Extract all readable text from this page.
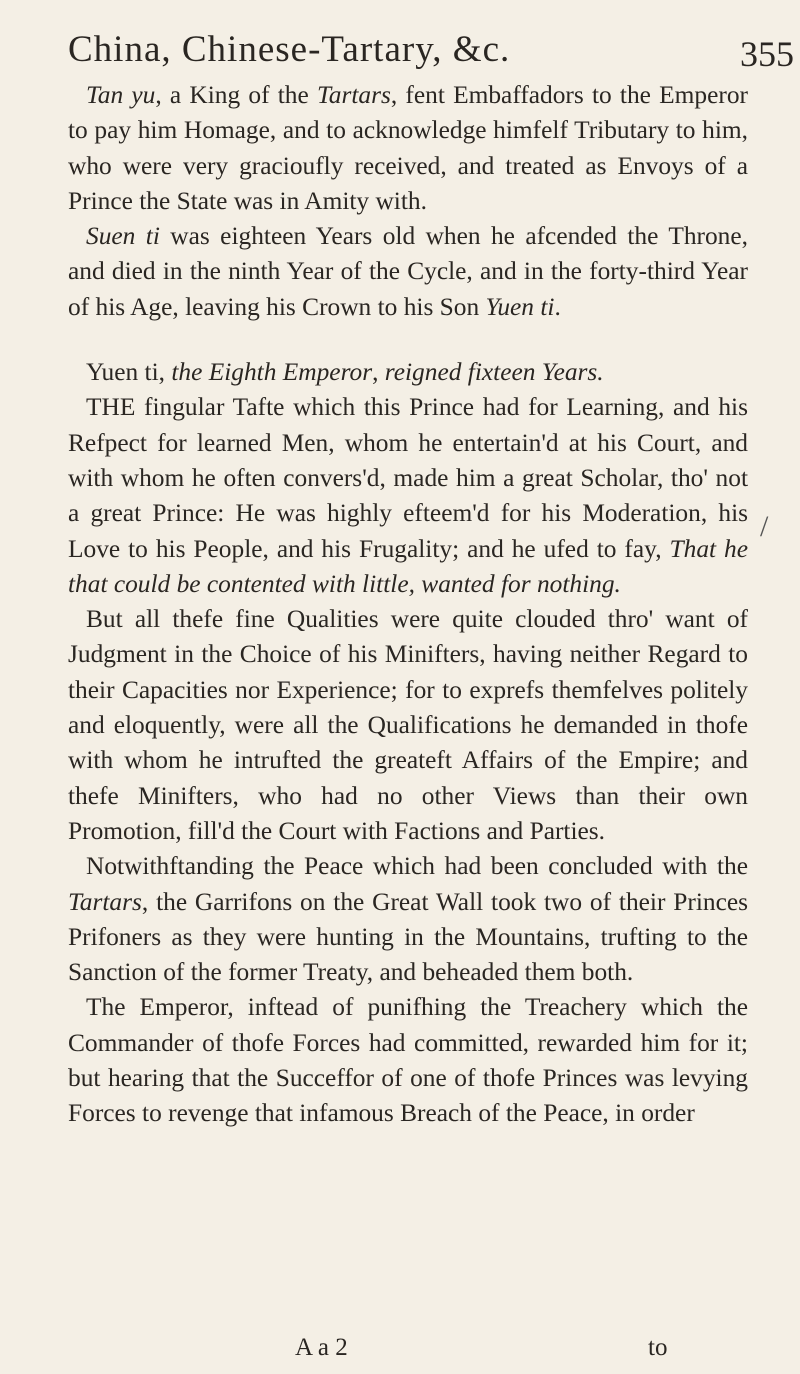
China, Chinese-Tartary, &c.	355

Tan yu, a King of the Tartars, fent Embaffadors to the Emperor to pay him Homage, and to acknowledge himfelf Tributary to him, who were very gracioufly received, and treated as Envoys of a Prince the State was in Amity with.

Suen ti was eighteen Years old when he afcended the Throne, and died in the ninth Year of the Cycle, and in the forty-third Year of his Age, leaving his Crown to his Son Yuen ti.

Yuen ti, the Eighth Emperor, reigned fixteen Years.

THE fingular Tafte which this Prince had for Learning, and his Refpect for learned Men, whom he entertain'd at his Court, and with whom he often convers'd, made him a great Scholar, tho' not a great Prince: He was highly efteem'd for his Moderation, his Love to his People, and his Frugality; and he ufed to fay, That he that could be contented with little, wanted for nothing.

But all thefe fine Qualities were quite clouded thro' want of Judgment in the Choice of his Minifters, having neither Regard to their Capacities nor Experience; for to exprefs themfelves politely and eloquently, were all the Qualifications he demanded in thofe with whom he intrufted the greateft Affairs of the Empire; and thefe Minifters, who had no other Views than their own Promotion, fill'd the Court with Factions and Parties.

Notwithftanding the Peace which had been concluded with the Tartars, the Garrifons on the Great Wall took two of their Princes Prifoners as they were hunting in the Mountains, trufting to the Sanction of the former Treaty, and beheaded them both.

The Emperor, inftead of punifhing the Treachery which the Commander of thofe Forces had committed, rewarded him for it; but hearing that the Succeffor of one of thofe Princes was levying Forces to revenge that infamous Breach of the Peace, in order

/
A a 2	to
